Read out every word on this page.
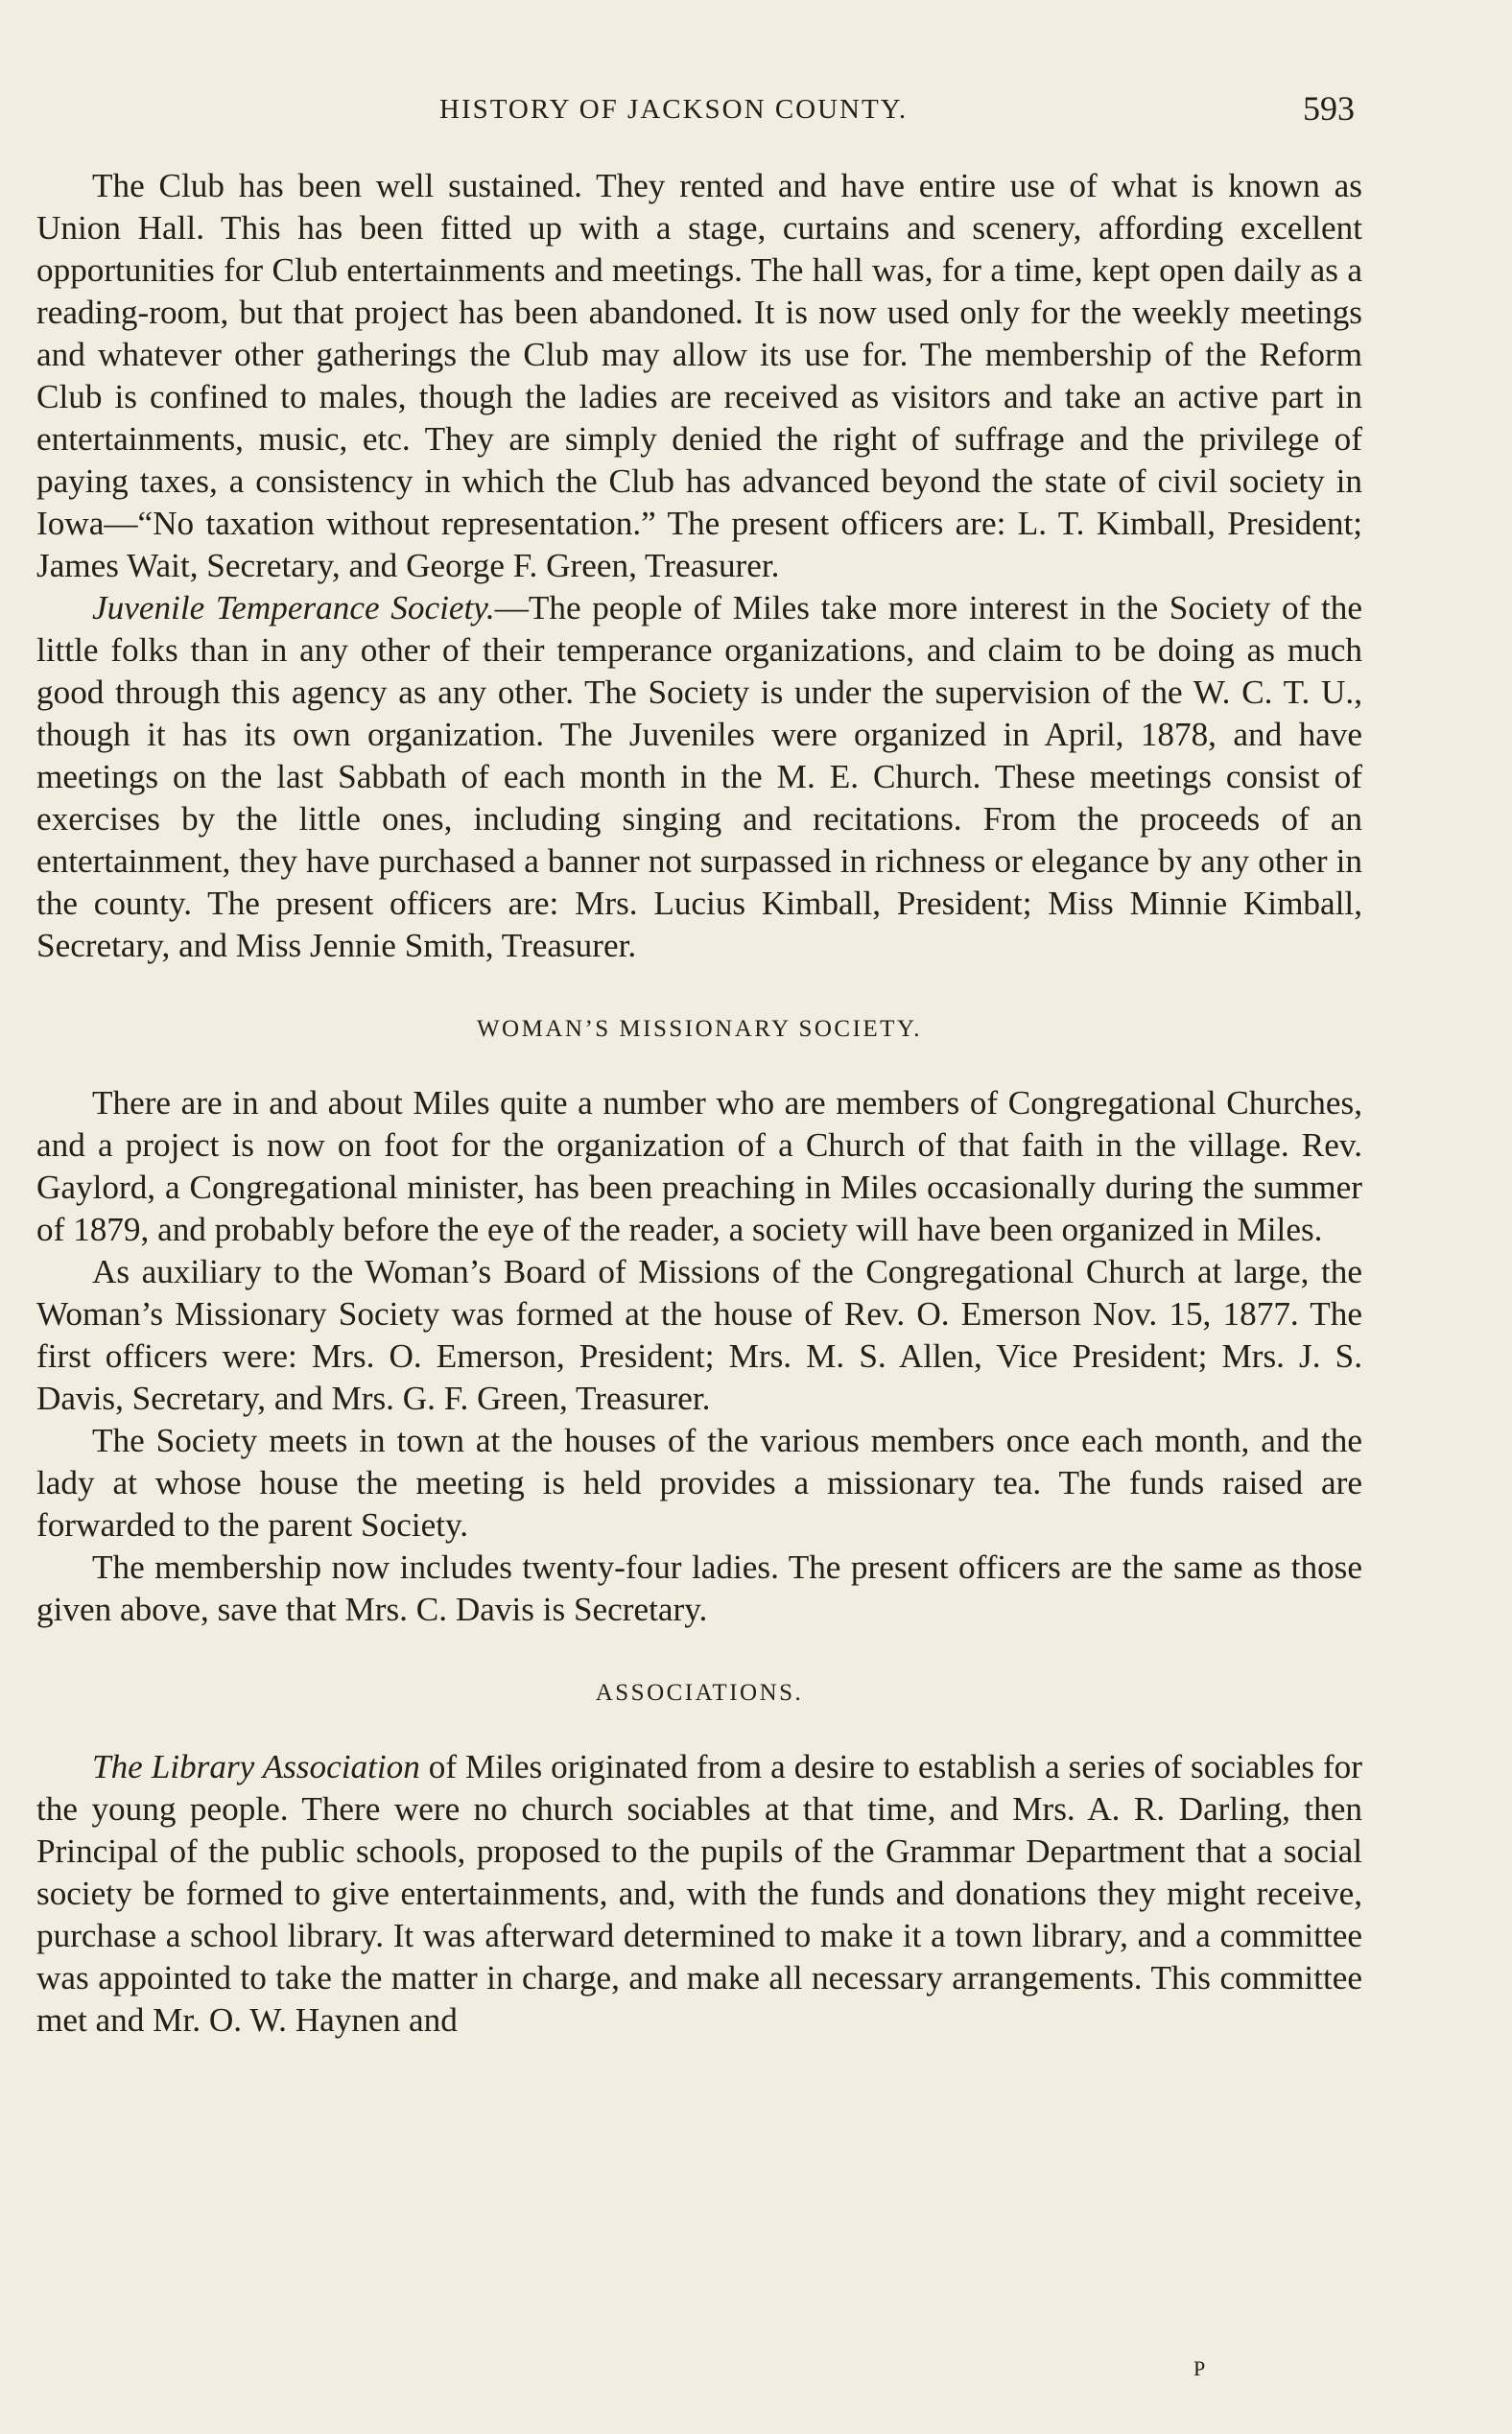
HISTORY OF JACKSON COUNTY.	593

The Club has been well sustained. They rented and have entire use of what is known as Union Hall. This has been fitted up with a stage, curtains and scenery, affording excellent opportunities for Club entertainments and meetings. The hall was, for a time, kept open daily as a reading-room, but that project has been abandoned. It is now used only for the weekly meetings and whatever other gatherings the Club may allow its use for. The membership of the Reform Club is confined to males, though the ladies are received as visitors and take an active part in entertainments, music, etc. They are simply denied the right of suffrage and the privilege of paying taxes, a consistency in which the Club has advanced beyond the state of civil society in Iowa—“No taxation without representation.” The present officers are: L. T. Kimball, President; James Wait, Secretary, and George F. Green, Treasurer.

Juvenile Temperance Society.—The people of Miles take more interest in the Society of the little folks than in any other of their temperance organizations, and claim to be doing as much good through this agency as any other. The Society is under the supervision of the W. C. T. U., though it has its own organization. The Juveniles were organized in April, 1878, and have meetings on the last Sabbath of each month in the M. E. Church. These meetings consist of exercises by the little ones, including singing and recitations. From the proceeds of an entertainment, they have purchased a banner not surpassed in richness or elegance by any other in the county. The present officers are: Mrs. Lucius Kimball, President; Miss Minnie Kimball, Secretary, and Miss Jennie Smith, Treasurer.

WOMAN’S MISSIONARY SOCIETY.

There are in and about Miles quite a number who are members of Congregational Churches, and a project is now on foot for the organization of a Church of that faith in the village. Rev. Gaylord, a Congregational minister, has been preaching in Miles occasionally during the summer of 1879, and probably before the eye of the reader, a society will have been organized in Miles.

As auxiliary to the Woman’s Board of Missions of the Congregational Church at large, the Woman’s Missionary Society was formed at the house of Rev. O. Emerson Nov. 15, 1877. The first officers were: Mrs. O. Emerson, President; Mrs. M. S. Allen, Vice President; Mrs. J. S. Davis, Secretary, and Mrs. G. F. Green, Treasurer.

The Society meets in town at the houses of the various members once each month, and the lady at whose house the meeting is held provides a missionary tea. The funds raised are forwarded to the parent Society.

The membership now includes twenty-four ladies. The present officers are the same as those given above, save that Mrs. C. Davis is Secretary.

ASSOCIATIONS.

The Library Association of Miles originated from a desire to establish a series of sociables for the young people. There were no church sociables at that time, and Mrs. A. R. Darling, then Principal of the public schools, proposed to the pupils of the Grammar Department that a social society be formed to give entertainments, and, with the funds and donations they might receive, purchase a school library. It was afterward determined to make it a town library, and a committee was appointed to take the matter in charge, and make all necessary arrangements. This committee met and Mr. O. W. Haynen and

P
